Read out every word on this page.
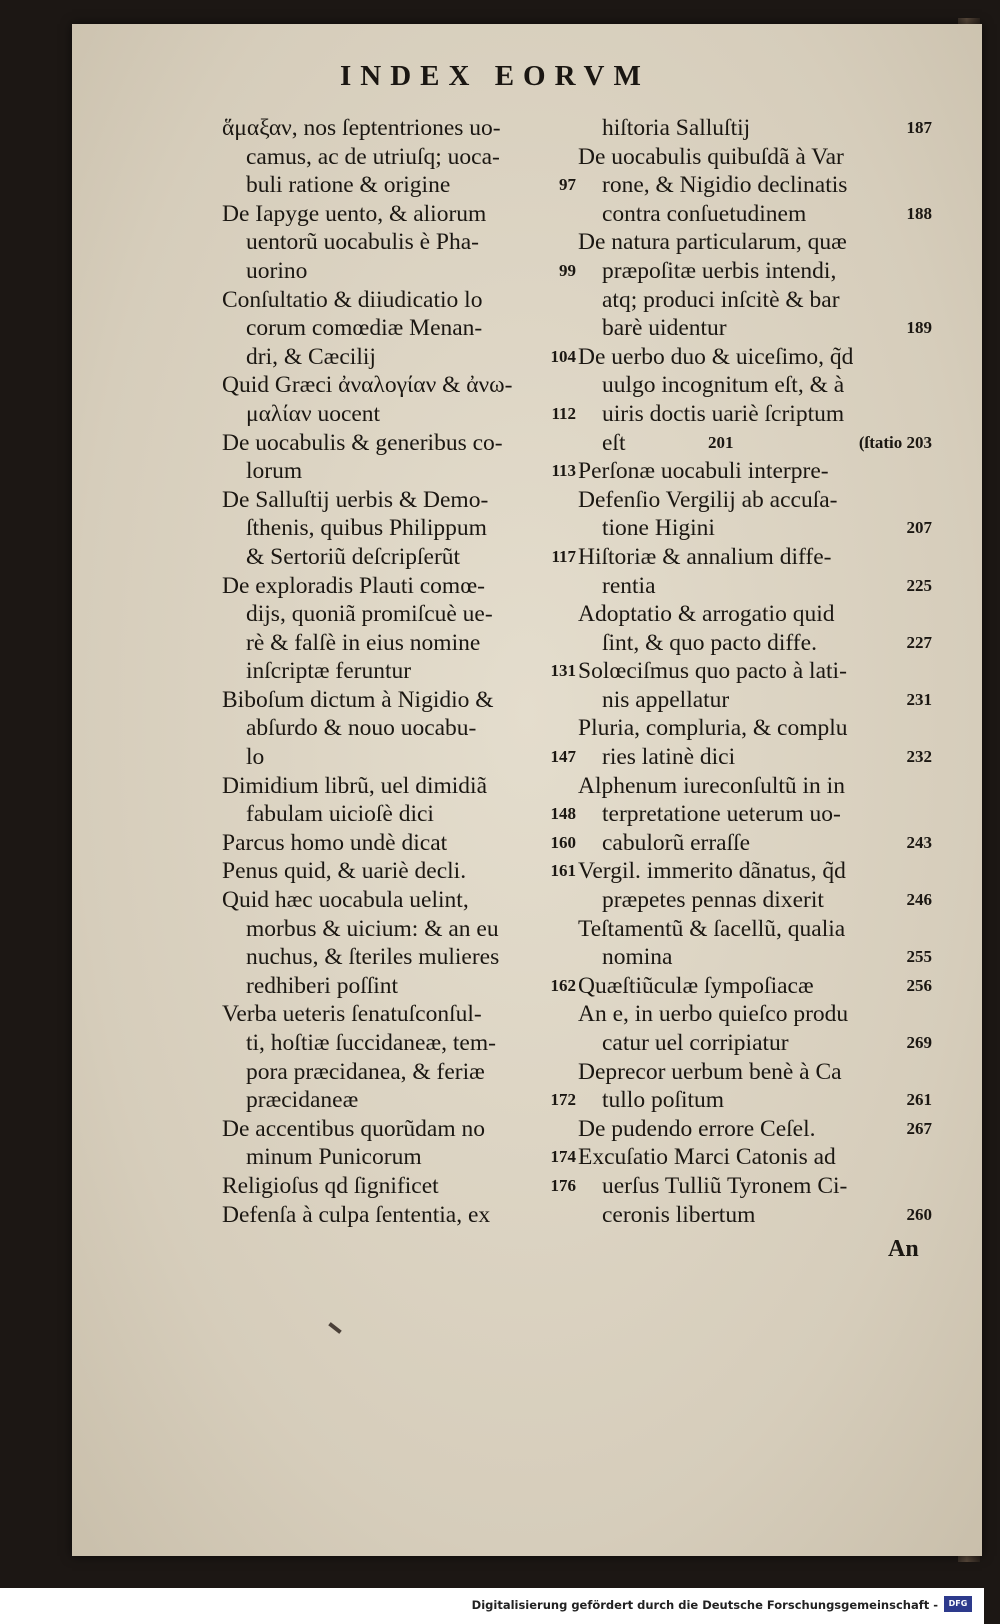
INDEX EORVM
ἅμαξαν, nos ſeptentriones uo-
camus, ac de utriuſq; uoca-
buli ratione & origine	97
De Iapyge uento, & aliorum
uentorũ uocabulis è Pha-
uorino	99
Conſultatio & diiudicatio lo
corum comœdiæ Menan-
dri, & Cæcilij	104
Quid Græci ἀναλογίαν & ἀνω-
μαλίαν uocent	112
De uocabulis & generibus co-
lorum	113
De Salluſtij uerbis & Demo-
ſthenis, quibus Philippum
& Sertoriũ deſcripſerũt	117
De exploradis Plauti comœ-
dijs, quoniã promiſcuè ue-
rè & falſè in eius nomine
inſcriptæ feruntur	131
Biboſum dictum à Nigidio &
abſurdo & nouo uocabu-
lo	147
Dimidium librũ, uel dimidiã
fabulam uicioſè dici	148
Parcus homo undè dicat	160
Penus quid, & uariè decli.	161
Quid hæc uocabula uelint,
morbus & uicium: & an eu
nuchus, & ſteriles mulieres
redhiberi poſſint	162
Verba ueteris ſenatuſconſul-
ti, hoſtiæ ſuccidaneæ, tem-
pora præcidanea, & feriæ
præcidaneæ	172
De accentibus quorũdam no
minum Punicorum	174
Religioſus qd ſignificet	176
Defenſa à culpa ſententia, ex
hiſtoria Salluſtij	187
De uocabulis quibuſdã à Var
rone, & Nigidio declinatis
contra conſuetudinem	188
De natura particularum, quæ
præpoſitæ uerbis intendi,
atq; produci inſcitè & bar
barè uidentur	189
De uerbo duo & uiceſimo, q̃d
uulgo incognitum eſt, & à
uiris doctis uariè ſcriptum
eſt	201	(ſtatio 203
Perſonæ uocabuli interpre-
Defenſio Vergilij ab accuſa-
tione Higini	207
Hiſtoriæ & annalium diffe-
rentia	225
Adoptatio & arrogatio quid
ſint, & quo pacto diffe.	227
Solœciſmus quo pacto à lati-
nis appellatur	231
Pluria, compluria, & complu
ries latinè dici	232
Alphenum iureconſultũ in in
terpretatione ueterum uo-
cabulorũ erraſſe	243
Vergil. immerito dãnatus, q̃d
præpetes pennas dixerit	246
Teſtamentũ & ſacellũ, qualia
nomina	255
Quæſtiũculæ ſympoſiacæ	256
An e, in uerbo quieſco produ
catur uel corripiatur	269
Deprecor uerbum benè à Ca
tullo poſitum	261
De pudendo errore Ceſel.	267
Excuſatio Marci Catonis ad
uerſus Tulliũ Tyronem Ci-
ceronis libertum	260
An
Digitalisierung gefördert durch die Deutsche Forschungsgemeinschaft -	DFG
